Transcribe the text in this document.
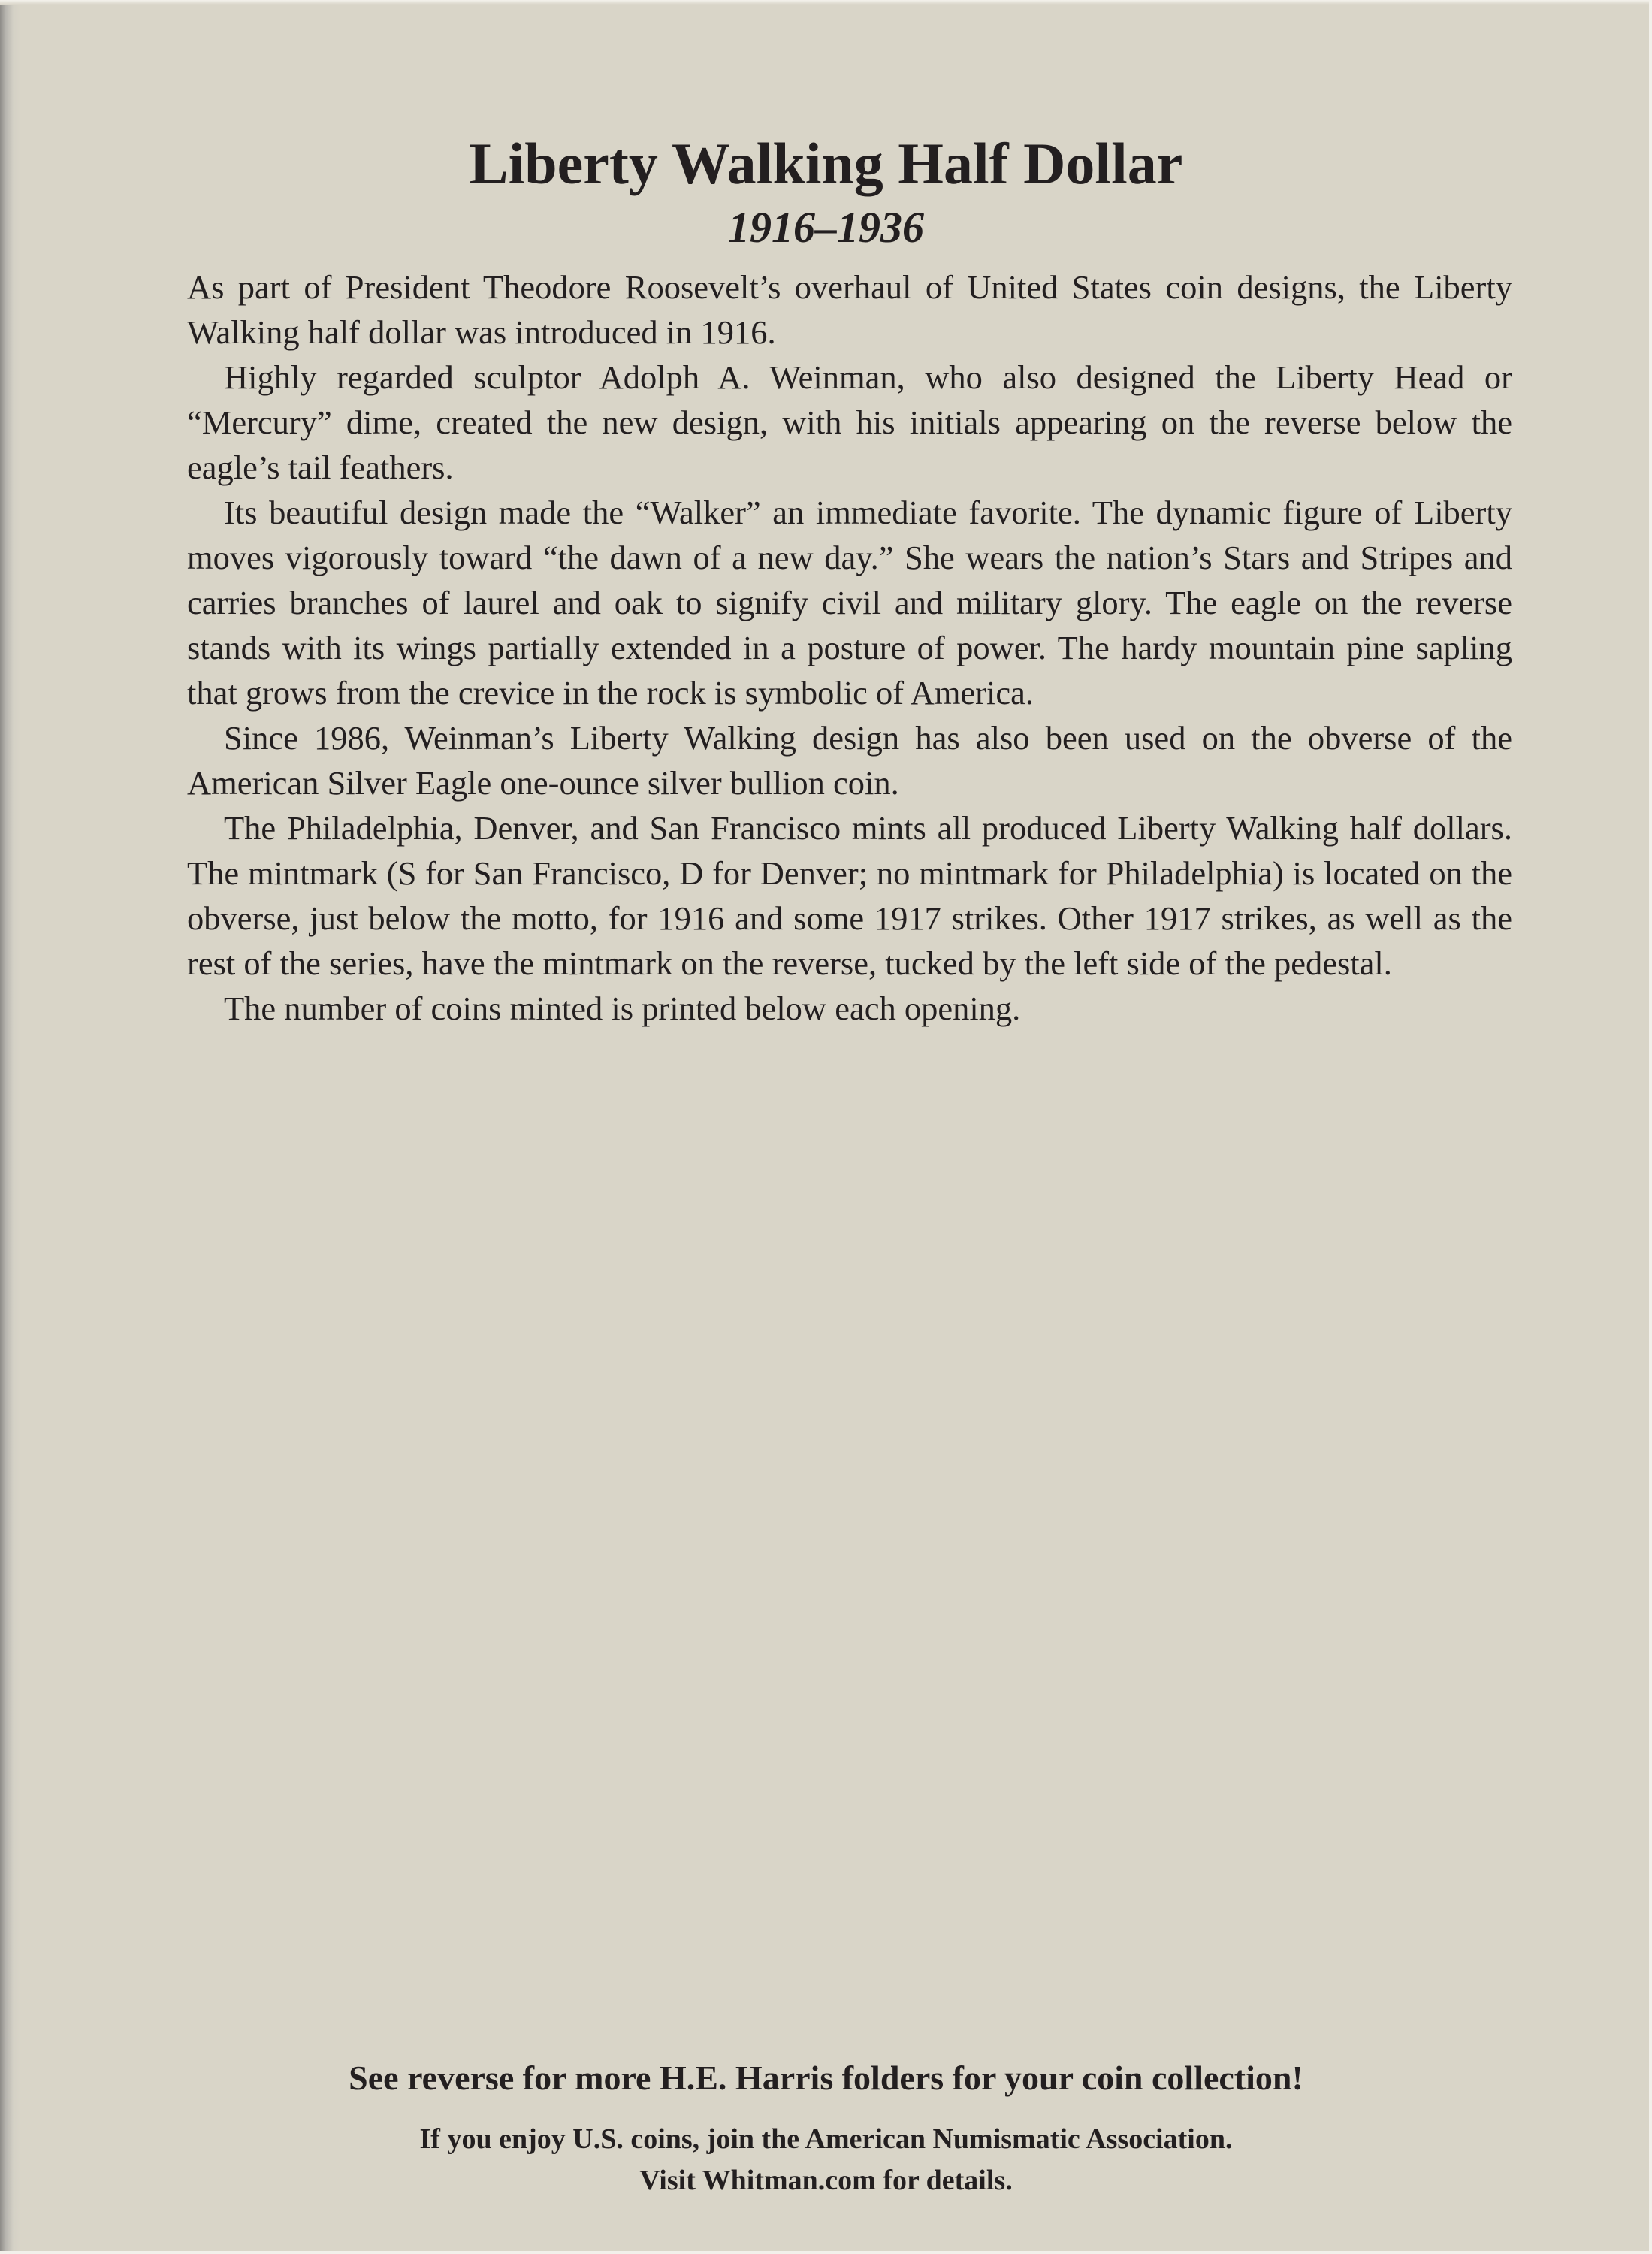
Liberty Walking Half Dollar
1916–1936

As part of President Theodore Roosevelt’s overhaul of United States coin designs, the Liberty Walking half dollar was introduced in 1916.

Highly regarded sculptor Adolph A. Weinman, who also designed the Liberty Head or “Mercury” dime, created the new design, with his initials appearing on the reverse below the eagle’s tail feathers.

Its beautiful design made the “Walker” an immediate favorite. The dynamic figure of Liberty moves vigorously toward “the dawn of a new day.” She wears the nation’s Stars and Stripes and carries branches of laurel and oak to signify civil and military glory. The eagle on the reverse stands with its wings partially extended in a posture of power. The hardy mountain pine sapling that grows from the crevice in the rock is symbolic of America.

Since 1986, Weinman’s Liberty Walking design has also been used on the obverse of the American Silver Eagle one-ounce silver bullion coin.

The Philadelphia, Denver, and San Francisco mints all produced Liberty Walking half dollars. The mintmark (S for San Francisco, D for Denver; no mintmark for Philadelphia) is located on the obverse, just below the motto, for 1916 and some 1917 strikes. Other 1917 strikes, as well as the rest of the series, have the mintmark on the reverse, tucked by the left side of the pedestal.

The number of coins minted is printed below each opening.

See reverse for more H.E. Harris folders for your coin collection!

If you enjoy U.S. coins, join the American Numismatic Association.

Visit Whitman.com for details.
